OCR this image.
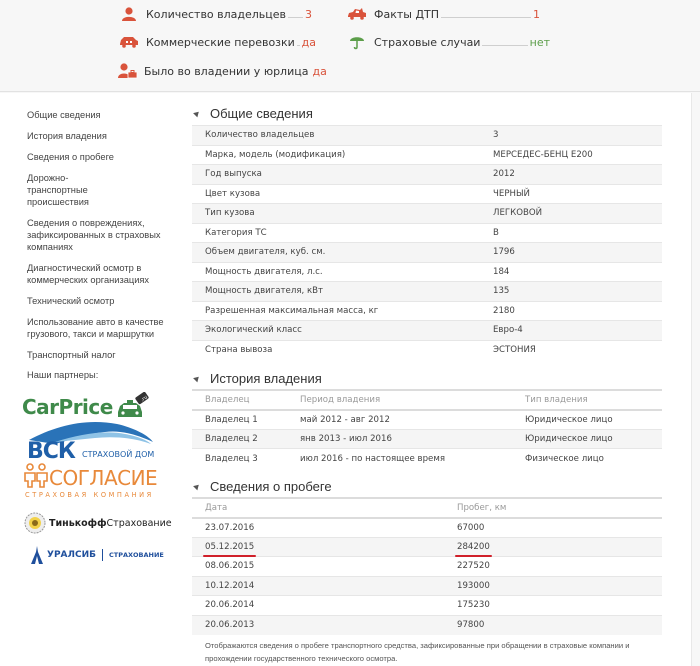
Количество владельцев 3
Коммерческие перевозки да
Было во владении у юрлица да
Факты ДТП	1
Страховые случаи	нет
Общие сведения
История владения
Сведения о пробеге
Дорожно-транспортные происшествия
Сведения о повреждениях, зафиксированных в страховых компаниях
Диагностический осмотр в коммерческих организациях
Технический осмотр
Использование авто в качестве грузового, такси и маршрутки
Транспортный налог
Наши партнеры:
CarPrice	.ru
ВСК СТРАХОВОЙ ДОМ
СОГЛАСИЕ
СТРАХОВАЯ КОМПАНИЯ
Тинькофф Страхование
УРАЛСИБ СТРАХОВАНИЕ
Общие сведения
Количество владельцев	3
Марка, модель (модификация)	МЕРСЕДЕС-БЕНЦ E200
Год выпуска	2012
Цвет кузова	ЧЕРНЫЙ
Тип кузова	ЛЕГКОВОЙ
Категория ТС	B
Объем двигателя, куб. см.	1796
Мощность двигателя, л.с.	184
Мощность двигателя, кВт	135
Разрешенная максимальная масса, кг	2180
Экологический класс	Евро-4
Страна вывоза	ЭСТОНИЯ
История владения
Владелец	Период владения	Тип владения
Владелец 1	май 2012 - авг 2012	Юридическое лицо
Владелец 2	янв 2013 - июл 2016	Юридическое лицо
Владелец 3	июл 2016 - по настоящее время	Физическое лицо
Сведения о пробеге
Дата	Пробег, км
23.07.2016	67000
05.12.2015	284200
08.06.2015	227520
10.12.2014	193000
20.06.2014	175230
20.06.2013	97800
Отображаются сведения о пробеге транспортного средства, зафиксированные при обращении в страховые компании и прохождении государственного технического осмотра.
